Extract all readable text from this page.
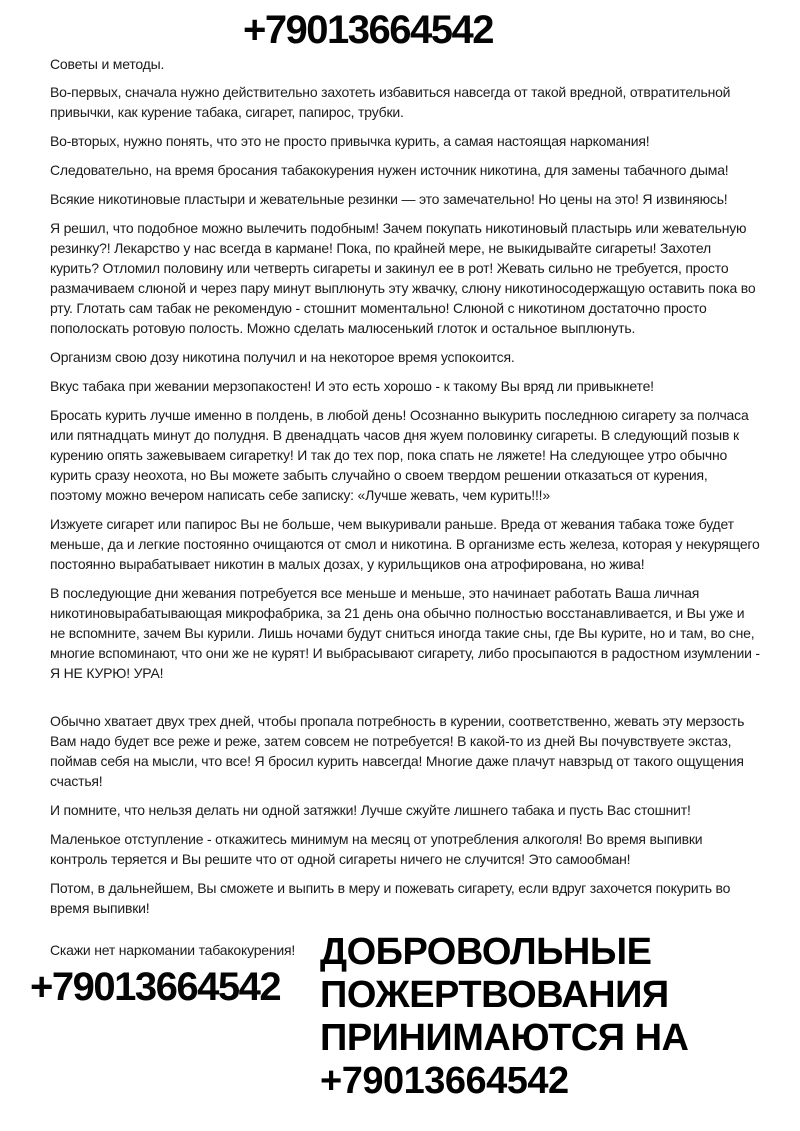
+79013664542
Советы и методы.

Во-первых, сначала нужно действительно захотеть избавиться навсегда от такой вредной, отвратительной привычки, как курение табака, сигарет, папирос, трубки.

Во-вторых, нужно понять, что это не просто привычка курить, а самая настоящая наркомания!

Следовательно, на время бросания табакокурения нужен источник никотина, для замены табачного дыма!

Всякие никотиновые пластыри и жевательные резинки — это замечательно! Но цены на это! Я извиняюсь!

Я решил, что подобное можно вылечить подобным! Зачем покупать никотиновый пластырь или жевательную резинку?! Лекарство у нас всегда в кармане! Пока, по крайней мере, не выкидывайте сигареты! Захотел курить? Отломил половину или четверть сигареты и закинул ее в рот! Жевать сильно не требуется, просто размачиваем слюной и через пару минут выплюнуть эту жвачку, слюну никотиносодержащую оставить пока во рту. Глотать сам табак не рекомендую - стошнит моментально! Слюной с никотином достаточно просто пополоскать ротовую полость. Можно сделать малюсенький глоток и остальное выплюнуть.

Организм свою дозу никотина получил и на некоторое время успокоится.

Вкус табака при жевании мерзопакостен! И это есть хорошо - к такому Вы вряд ли привыкнете!

Бросать курить лучше именно в полдень, в любой день! Осознанно выкурить последнюю сигарету за полчаса или пятнадцать минут до полудня. В двенадцать часов дня жуем половинку сигареты. В следующий позыв к курению опять зажевываем сигаретку! И так до тех пор, пока спать не ляжете! На следующее утро обычно курить сразу неохота, но Вы можете забыть случайно о своем твердом решении отказаться от курения, поэтому можно вечером написать себе записку: «Лучше жевать, чем курить!!!»

Изжуете сигарет или папирос Вы не больше, чем выкуривали раньше. Вреда от жевания табака тоже будет меньше, да и легкие постоянно очищаются от смол и никотина. В организме есть железа, которая у некурящего постоянно вырабатывает никотин в малых дозах, у курильщиков она атрофирована, но жива!

В последующие дни жевания потребуется все меньше и меньше, это начинает работать Ваша личная никотиновырабатывающая микрофабрика, за 21 день она обычно полностью восстанавливается, и Вы уже и не вспомните, зачем Вы курили. Лишь ночами будут сниться иногда такие сны, где Вы курите, но и там, во сне, многие вспоминают, что они же не курят! И выбрасывают сигарету, либо просыпаются в радостном изумлении - Я НЕ КУРЮ! УРА!

Обычно хватает двух трех дней, чтобы пропала потребность в курении, соответственно, жевать эту мерзость Вам надо будет все реже и реже, затем совсем не потребуется! В какой-то из дней Вы почувствуете экстаз, поймав себя на мысли, что все! Я бросил курить навсегда! Многие даже плачут навзрыд от такого ощущения счастья!

И помните, что нельзя делать ни одной затяжки! Лучше сжуйте лишнего табака и пусть Вас стошнит!

Маленькое отступление - откажитесь минимум на месяц от употребления алкоголя! Во время выпивки контроль теряется и Вы решите что от одной сигареты ничего не случится! Это самообман!

Потом, в дальнейшем, Вы сможете и выпить в меру и пожевать сигарету, если вдруг захочется покурить во время выпивки!

Скажи нет наркомании табакокурения!
+79013664542
ДОБРОВОЛЬНЫЕ
ПОЖЕРТВОВАНИЯ
ПРИНИМАЮТСЯ НА
+79013664542
